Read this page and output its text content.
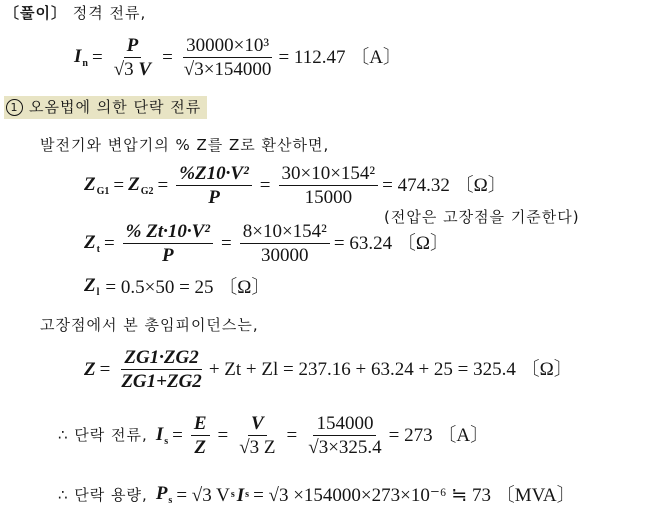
〔풀이〕 정격 전류,
$I_n = \frac{P}{√3 V} = \frac{\text{30000×10³}}{√3\times 154000} = 112.47$ 〔A〕
1 오옴법에 의한 단락 전류
발전기와 변압기의 % Z를 Z로 환산하면,
$Z_{G1} = Z_{G2} = \frac{\text{\%Z10·V²}}{P} = \frac{\text{30×10×154²}}{15000} = 474.32$ 〔Ω〕
(전압은 고장점을 기준한다)
$Z_t = \frac{\text{\% Zt·10·V²}}{P} = \frac{\text{8×10×154²}}{30000} = 63.24$ 〔Ω〕
$Z_l = 0.5\times 50 = 25$ 〔Ω〕
고장점에서 본 총임피이던스는,
$Z = \frac{ZG1\cdot ZG2}{ZG1+ZG2} + Zt + Zl = 237.16 + 63.24 + 25 = 325.4$ 〔Ω〕
∴ 단락 전류, $I_s = \frac{E}{Z} = \frac{V}{√3 Z} = \frac{154000}{√3\times 325.4} = 273$ 〔A〕
∴ 단락 용량, $P_s = √3$ V s I s = √3 ×154000×273×10⁻⁶ ≒ 73 〔MVA〕
